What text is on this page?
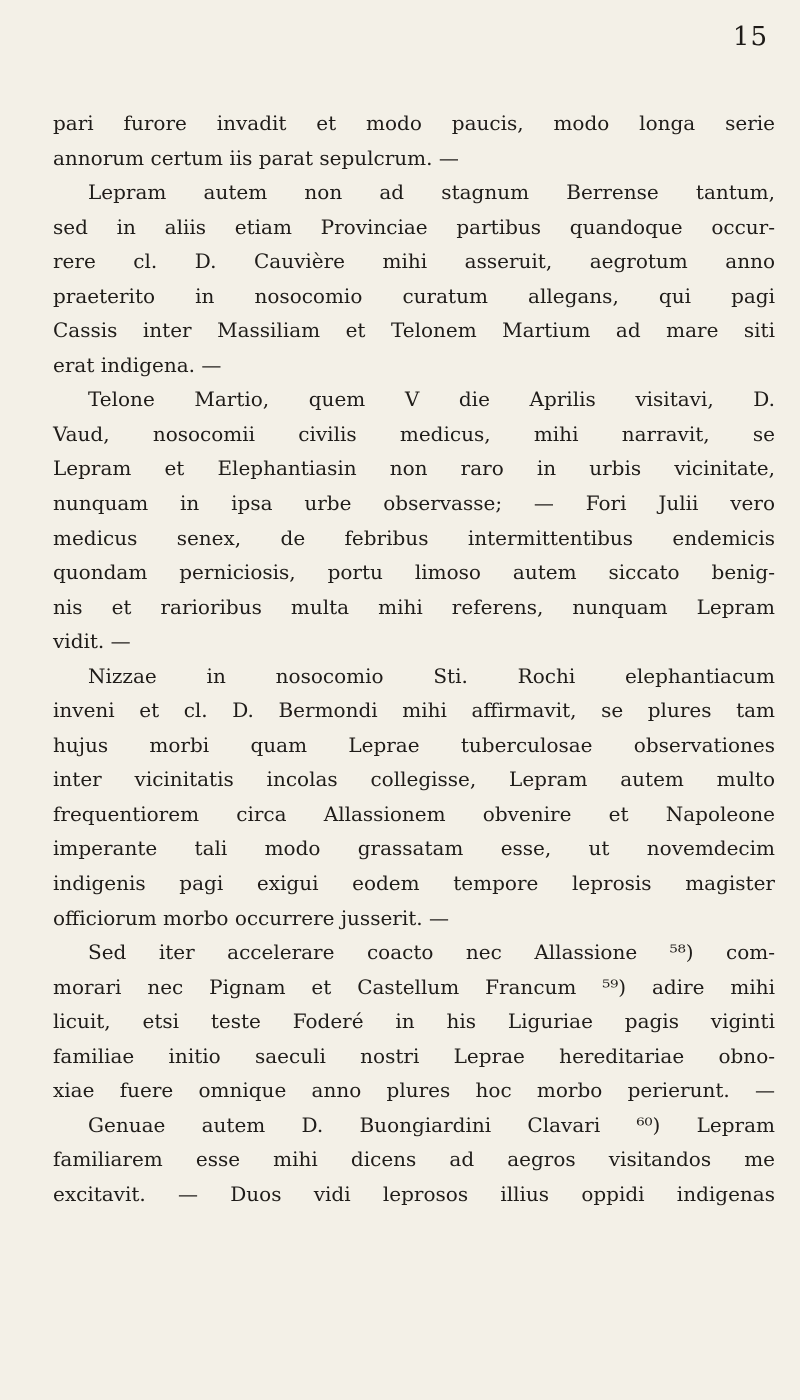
15
pari furore invadit et modo paucis, modo longa serie
annorum certum iis parat sepulcrum. —
Lepram autem non ad stagnum Berrense tantum,
sed in aliis etiam Provinciae partibus quandoque occur-
rere cl. D. Cauvière mihi asseruit, aegrotum anno
praeterito in nosocomio curatum allegans, qui pagi
Cassis inter Massiliam et Telonem Martium ad mare siti
erat indigena. —
Telone Martio, quem V die Aprilis visitavi, D.
Vaud, nosocomii civilis medicus, mihi narravit, se
Lepram et Elephantiasin non raro in urbis vicinitate,
nunquam in ipsa urbe observasse; — Fori Julii vero
medicus senex, de febribus intermittentibus endemicis
quondam perniciosis, portu limoso autem siccato benig-
nis et rarioribus multa mihi referens, nunquam Lepram
vidit. —
Nizzae in nosocomio Sti. Rochi elephantiacum
inveni et cl. D. Bermondi mihi affirmavit, se plures tam
hujus morbi quam Leprae tuberculosae observationes
inter vicinitatis incolas collegisse, Lepram autem multo
frequentiorem circa Allassionem obvenire et Napoleone
imperante tali modo grassatam esse, ut novemdecim
indigenis pagi exigui eodem tempore leprosis magister
officiorum morbo occurrere jusserit. —
Sed iter accelerare coacto nec Allassione ⁵⁸) com-
morari nec Pignam et Castellum Francum ⁵⁹) adire mihi
licuit, etsi teste Foderé in his Liguriae pagis viginti
familiae initio saeculi nostri Leprae hereditariae obno-
xiae fuere omnique anno plures hoc morbo perierunt. —
Genuae autem D. Buongiardini Clavari ⁶⁰) Lepram
familiarem esse mihi dicens ad aegros visitandos me
excitavit. — Duos vidi leprosos illius oppidi indigenas
